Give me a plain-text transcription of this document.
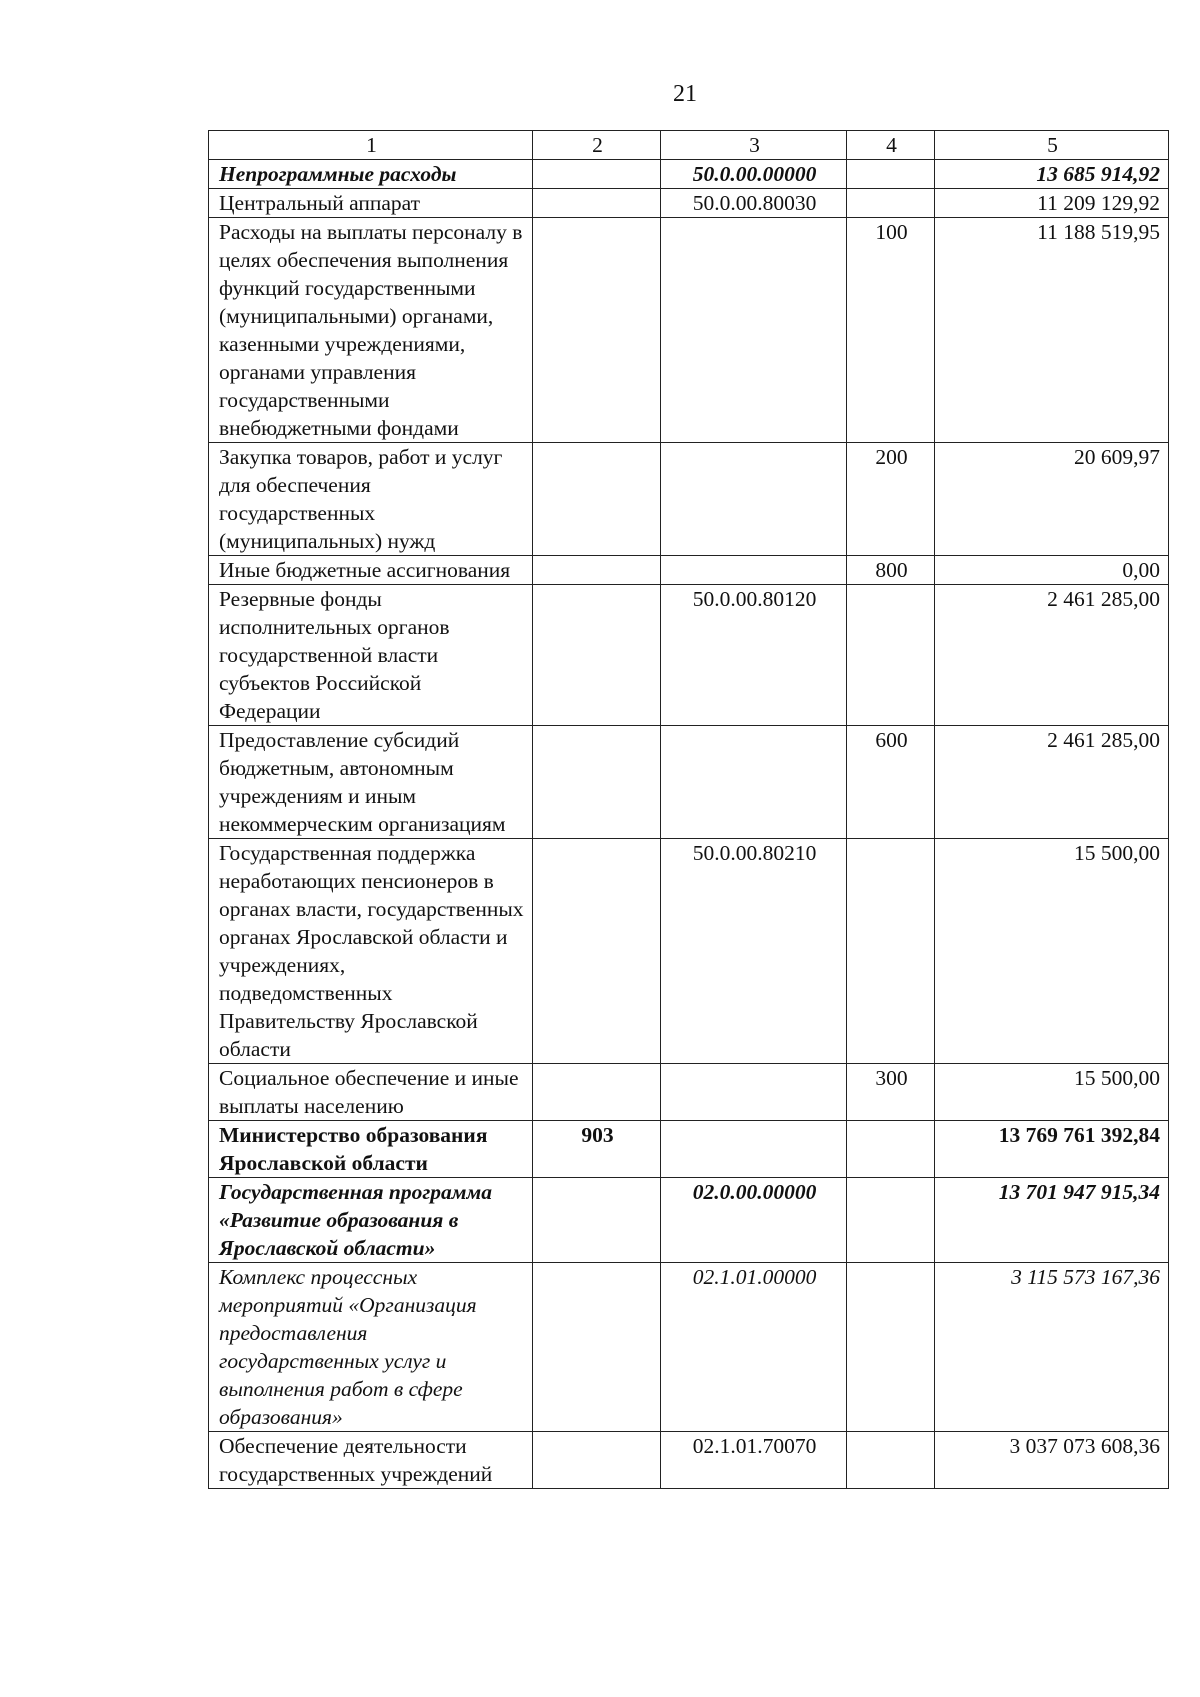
21
1	2	3	4	5
Непрограммные расходы		50.0.00.00000		13 685 914,92
Центральный аппарат		50.0.00.80030		11 209 129,92
Расходы на выплаты персоналу в целях обеспечения выполнения функций государственными (муниципальными) органами, казенными учреждениями, органами управления государственными внебюджетными фондами			100	11 188 519,95
Закупка товаров, работ и услуг для обеспечения государственных (муниципальных) нужд			200	20 609,97
Иные бюджетные ассигнования			800	0,00
Резервные фонды исполнительных органов государственной власти субъектов Российской Федерации		50.0.00.80120		2 461 285,00
Предоставление субсидий бюджетным, автономным учреждениям и иным некоммерческим организациям			600	2 461 285,00
Государственная поддержка неработающих пенсионеров в органах власти, государственных органах Ярославской области и учреждениях, подведомственных Правительству Ярославской области		50.0.00.80210		15 500,00
Социальное обеспечение и иные выплаты населению			300	15 500,00
Министерство образования Ярославской области	903			13 769 761 392,84
Государственная программа «Развитие образования в Ярославской области»		02.0.00.00000		13 701 947 915,34
Комплекс процессных мероприятий «Организация предоставления государственных услуг и выполнения работ в сфере образования»		02.1.01.00000		3 115 573 167,36
Обеспечение деятельности государственных учреждений		02.1.01.70070		3 037 073 608,36
